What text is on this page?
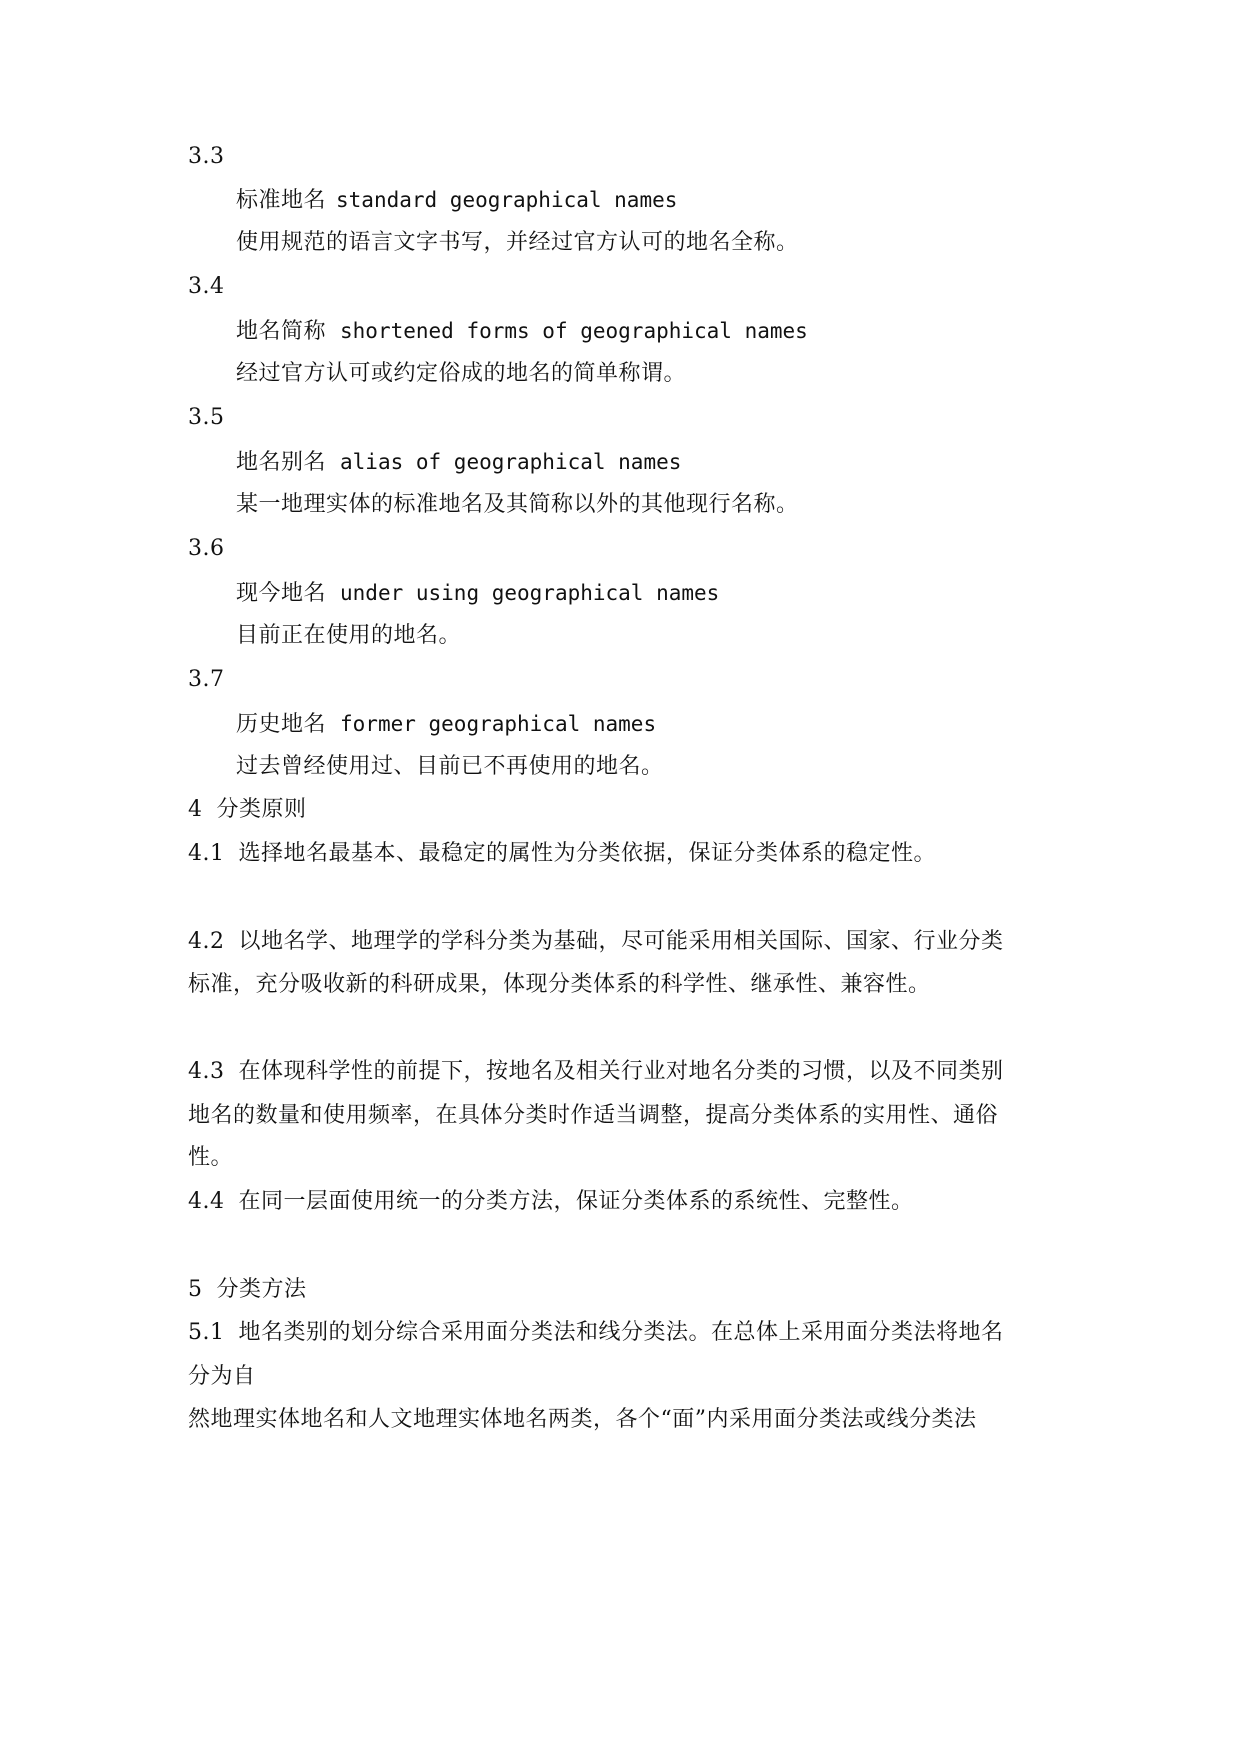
3.3
标准地名 standard geographical names
使用规范的语言文字书写，并经过官方认可的地名全称。
3.4
地名简称 shortened forms of geographical names
经过官方认可或约定俗成的地名的简单称谓。
3.5
地名别名 alias of geographical names
某一地理实体的标准地名及其简称以外的其他现行名称。
3.6
现今地名 under using geographical names
目前正在使用的地名。
3.7
历史地名 former geographical names
过去曾经使用过、目前已不再使用的地名。
4 分类原则
4.1 选择地名最基本、最稳定的属性为分类依据，保证分类体系的稳定性。
4.2 以地名学、地理学的学科分类为基础，尽可能采用相关国际、国家、行业分类
标准，充分吸收新的科研成果，体现分类体系的科学性、继承性、兼容性。
4.3 在体现科学性的前提下，按地名及相关行业对地名分类的习惯，以及不同类别
地名的数量和使用频率，在具体分类时作适当调整，提高分类体系的实用性、通俗
性。
4.4 在同一层面使用统一的分类方法，保证分类体系的系统性、完整性。
5 分类方法
5.1 地名类别的划分综合采用面分类法和线分类法。在总体上采用面分类法将地名
分为自
然地理实体地名和人文地理实体地名两类，各个“面”内采用面分类法或线分类法
